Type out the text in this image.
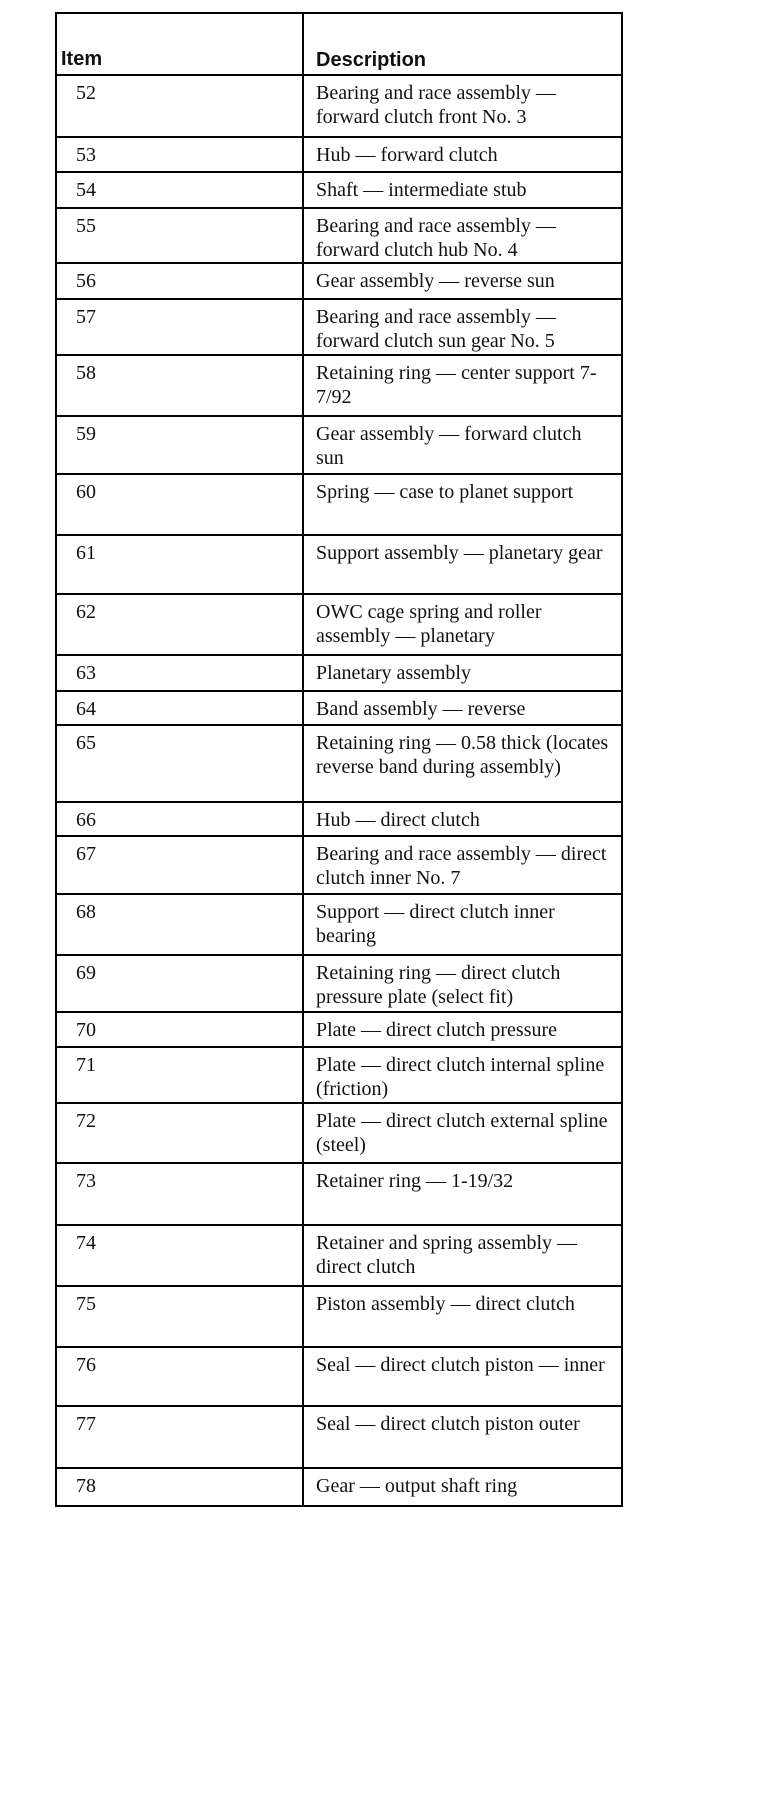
Item	Description
52	Bearing and race assembly — forward clutch front No. 3
53	Hub — forward clutch
54	Shaft — intermediate stub
55	Bearing and race assembly — forward clutch hub No. 4
56	Gear assembly — reverse sun
57	Bearing and race assembly — forward clutch sun gear No. 5
58	Retaining ring — center support 7-7/92
59	Gear assembly — forward clutch sun
60	Spring — case to planet support
61	Support assembly — planetary gear
62	OWC cage spring and roller assembly — planetary
63	Planetary assembly
64	Band assembly — reverse
65	Retaining ring — 0.58 thick (locates reverse band during assembly)
66	Hub — direct clutch
67	Bearing and race assembly — direct clutch inner No. 7
68	Support — direct clutch inner bearing
69	Retaining ring — direct clutch pressure plate (select fit)
70	Plate — direct clutch pressure
71	Plate — direct clutch internal spline (friction)
72	Plate — direct clutch external spline (steel)
73	Retainer ring — 1-19/32
74	Retainer and spring assembly — direct clutch
75	Piston assembly — direct clutch
76	Seal — direct clutch piston — inner
77	Seal — direct clutch piston outer
78	Gear — output shaft ring
